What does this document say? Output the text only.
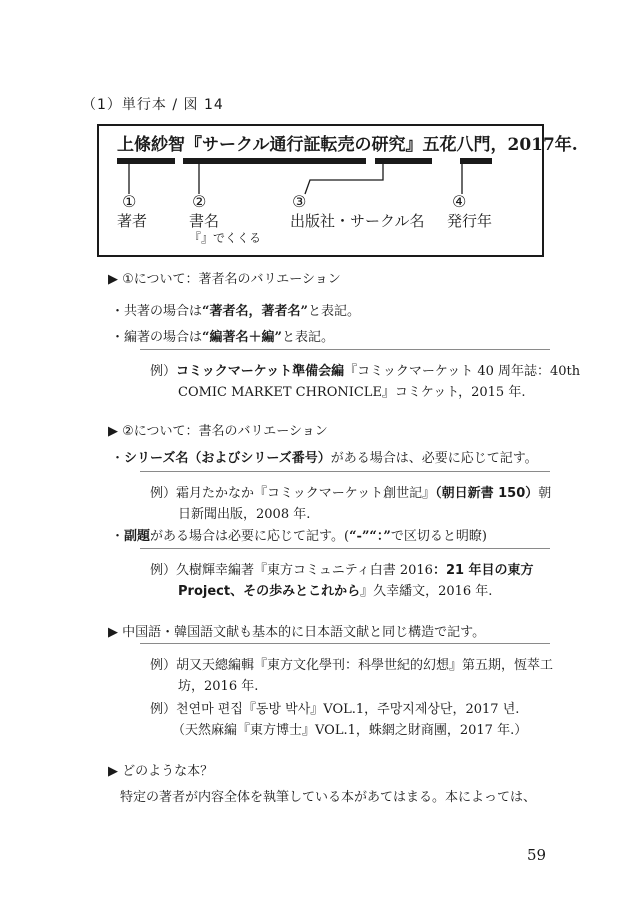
（1）単行本 / 図 14
上條紗智『サークル通行証転売の研究』五花八門，2017年.
①
著者
②
書名
『』でくくる
③
出版社・サークル名
④
発行年
▶ ①について：著者名のバリエーション
・共著の場合は“著者名，著者名”と表記。
・編著の場合は“編著名＋編”と表記。
例）コミックマーケット準備会編『コミックマーケット 40 周年誌：40th
COMIC MARKET CHRONICLE』コミケット，2015 年.
▶ ②について：書名のバリエーション
・シリーズ名（およびシリーズ番号）がある場合は、必要に応じて記す。
例）霜月たかなか『コミックマーケット創世記』（朝日新書 150）朝
日新聞出版，2008 年.
・副題がある場合は必要に応じて記す。(“-”“：”で区切ると明瞭)
例）久樹輝幸編著『東方コミュニティ白書 2016：21 年目の東方
Project、その歩みとこれから』久幸繙文，2016 年.
▶ 中国語・韓国語文献も基本的に日本語文献と同じ構造で記す。
例）胡又天總編輯『東方文化學刊：科學世紀的幻想』第五期，恆萃工
坊，2016 年.
例）천연마 편집『동방 박사』VOL.1，주망지제상단，2017 년.
（天然麻編『東方博士』VOL.1，蛛網之財商團，2017 年.）
▶ どのような本？
特定の著者が内容全体を執筆している本があてはまる。本によっては、
59
